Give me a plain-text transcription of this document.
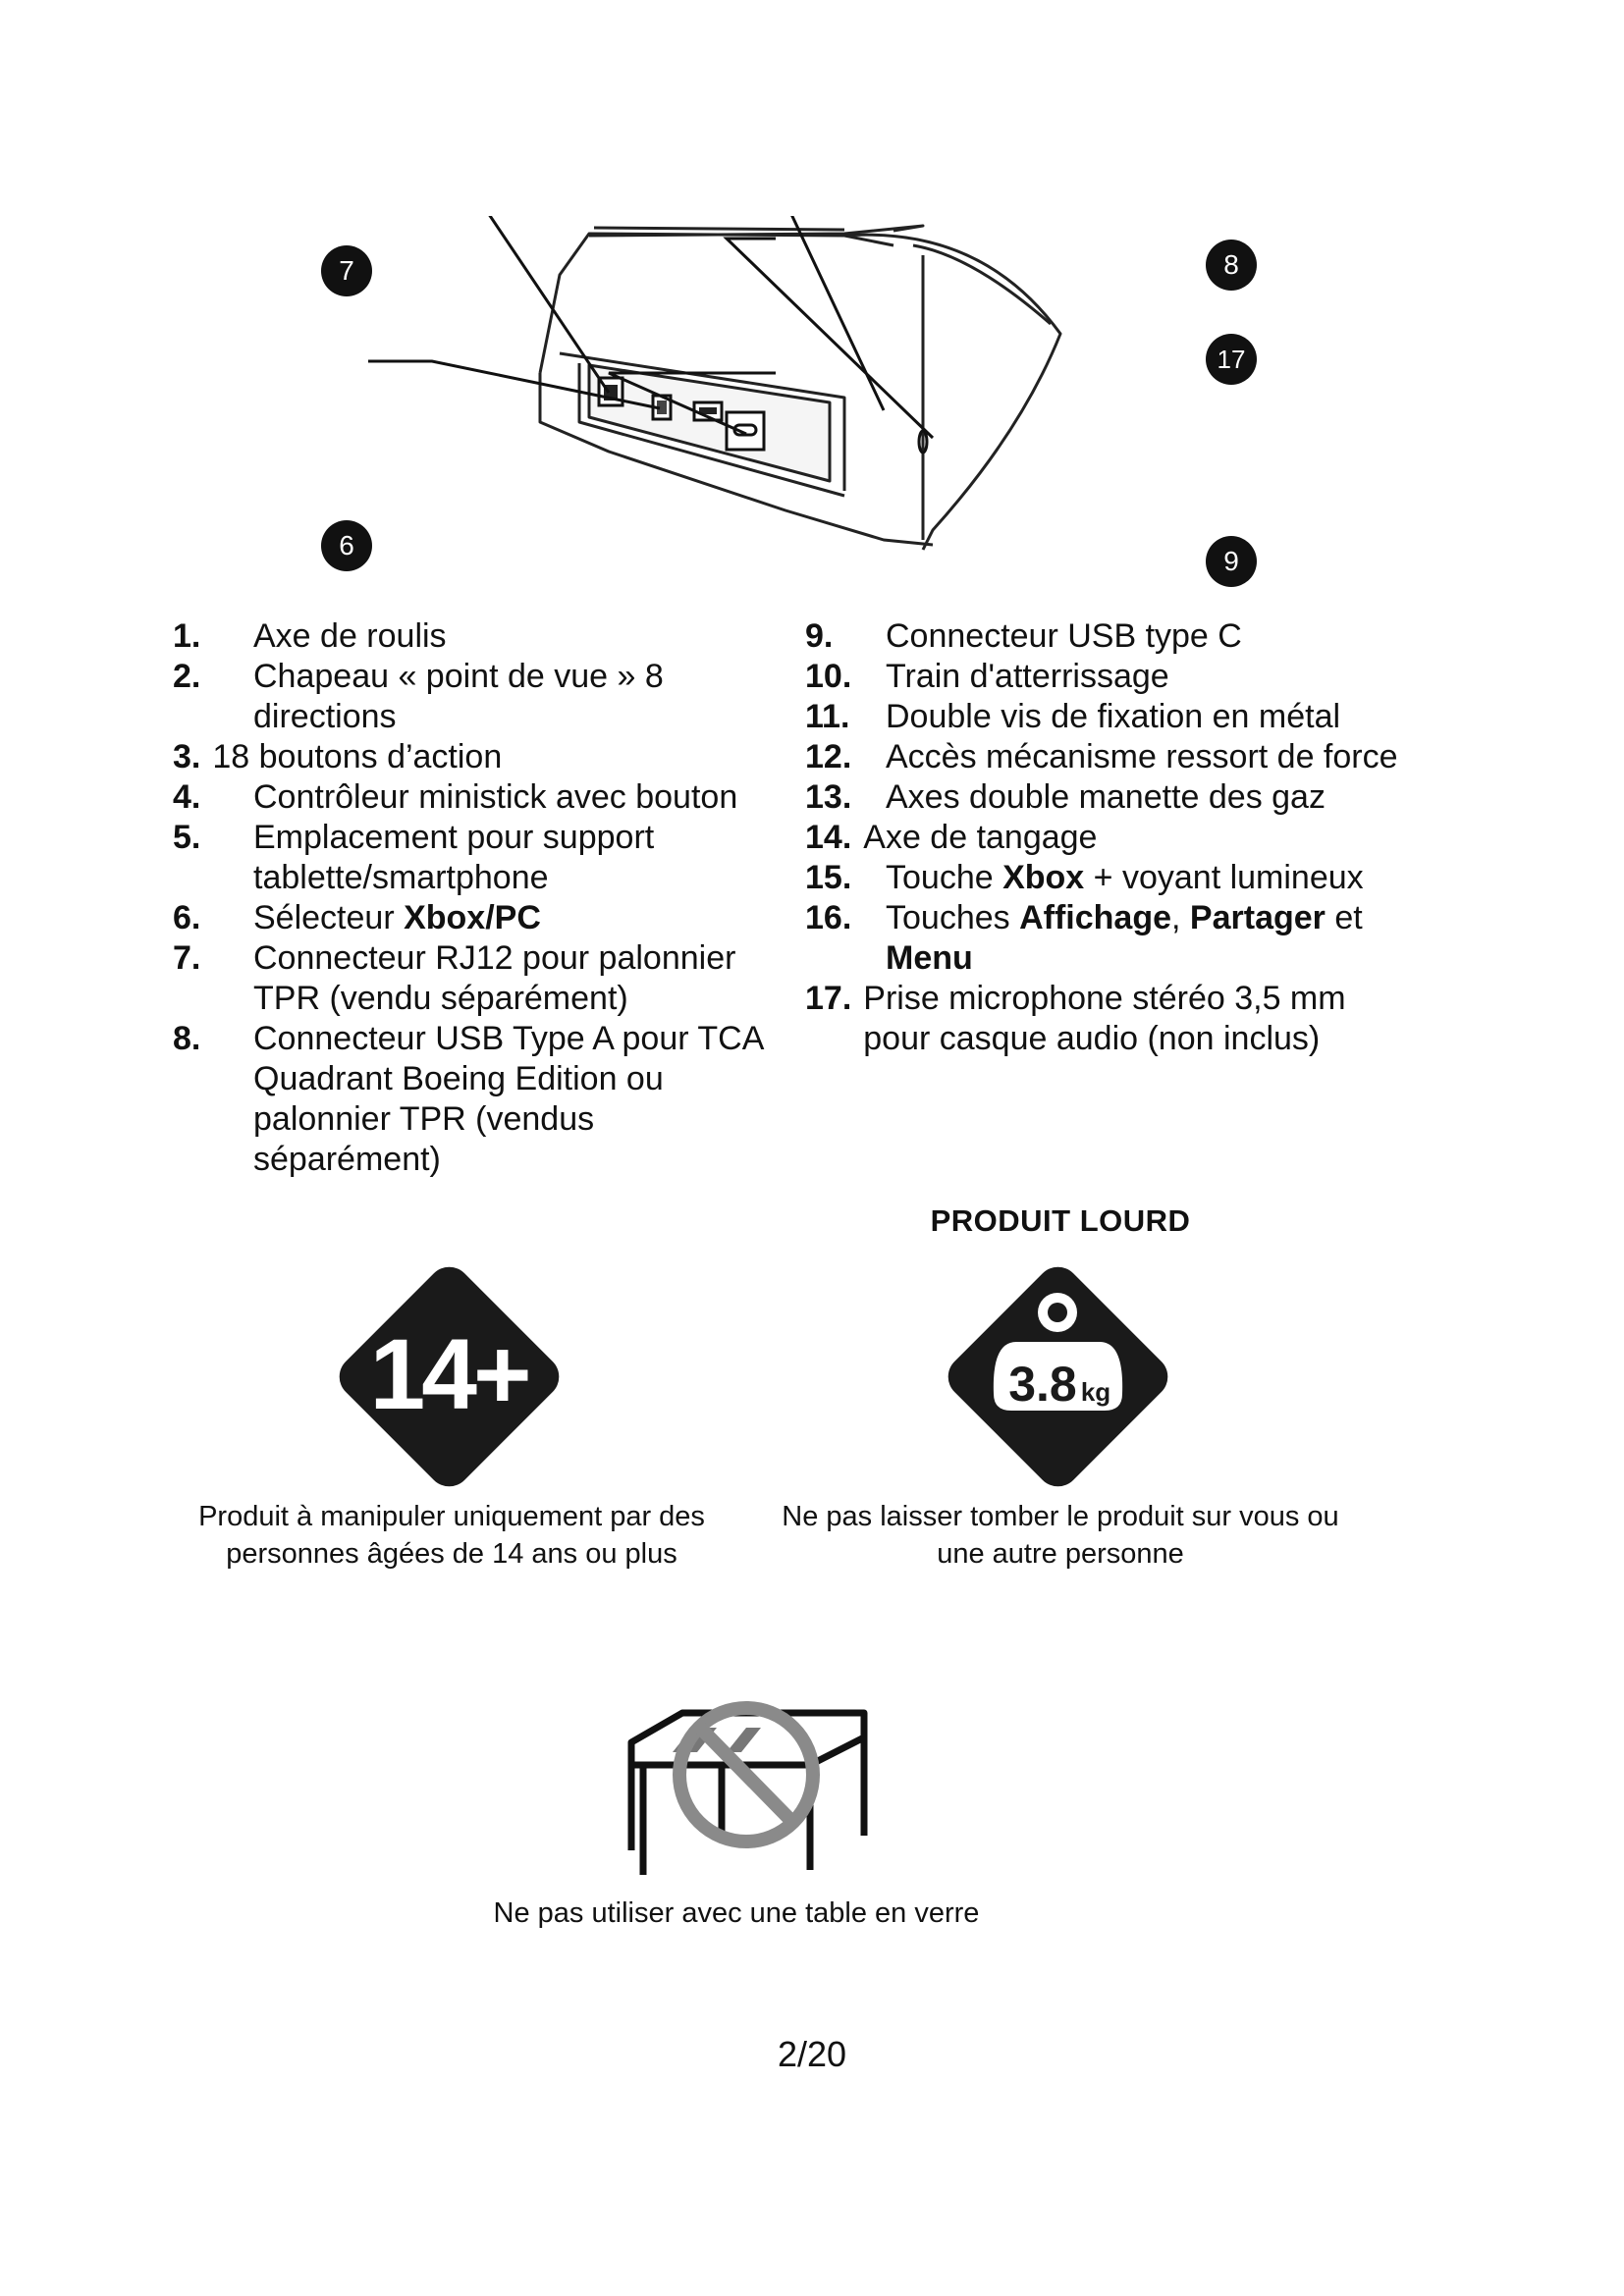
7
6
8
17
9
1.	Axe de roulis
2.	Chapeau « point de vue » 8 directions
3. 18 boutons d’action
4.	Contrôleur ministick avec bouton
5.	Emplacement pour support tablette/smartphone
6.	Sélecteur Xbox/PC
7.	Connecteur RJ12 pour palonnier TPR (vendu séparément)
8.	Connecteur USB Type A pour TCA Quadrant Boeing Edition ou palonnier TPR (vendus séparément)
9.	Connecteur USB type C
10.	Train d'atterrissage
11.	Double vis de fixation en métal
12.	Accès mécanisme ressort de force
13.	Axes double manette des gaz
14. Axe de tangage
15.	Touche Xbox + voyant lumineux
16.	Touches Affichage, Partager et Menu
17. Prise microphone stéréo 3,5 mm pour casque audio (non inclus)
PRODUIT LOURD
14+	3.8 kg
Produit à manipuler uniquement par des personnes âgées de 14 ans ou plus
Ne pas laisser tomber le produit sur vous ou une autre personne
Ne pas utiliser avec une table en verre
2/20
